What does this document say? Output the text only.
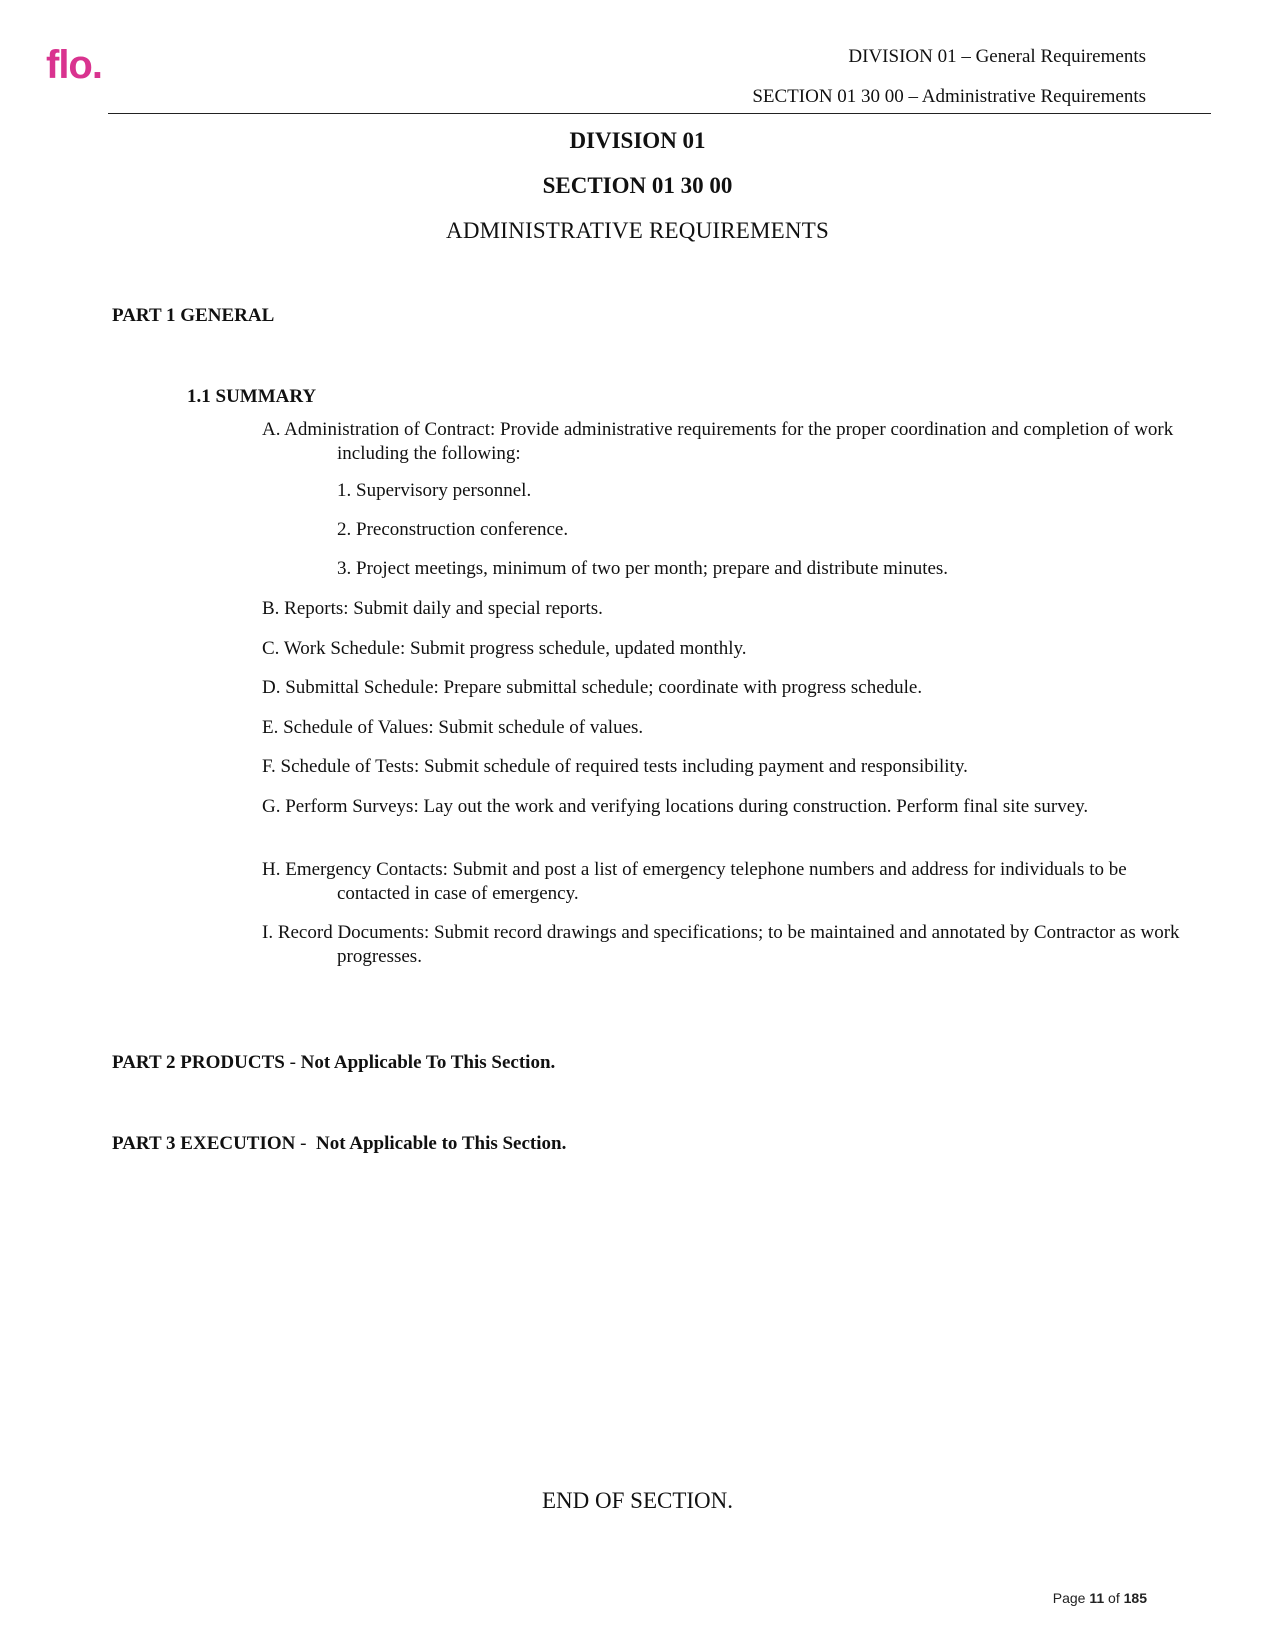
flo.	DIVISION 01 – General Requirements
SECTION 01 30 00 – Administrative Requirements
DIVISION 01
SECTION 01 30 00
ADMINISTRATIVE REQUIREMENTS
PART 1 GENERAL
1.1 SUMMARY
A. Administration of Contract: Provide administrative requirements for the proper coordination and completion of work including the following:
1. Supervisory personnel.
2. Preconstruction conference.
3. Project meetings, minimum of two per month; prepare and distribute minutes.
B. Reports: Submit daily and special reports.
C. Work Schedule: Submit progress schedule, updated monthly.
D. Submittal Schedule: Prepare submittal schedule; coordinate with progress schedule.
E. Schedule of Values: Submit schedule of values.
F. Schedule of Tests: Submit schedule of required tests including payment and responsibility.
G. Perform Surveys: Lay out the work and verifying locations during construction. Perform final site survey.
H. Emergency Contacts: Submit and post a list of emergency telephone numbers and address for individuals to be contacted in case of emergency.
I. Record Documents: Submit record drawings and specifications; to be maintained and annotated by Contractor as work progresses.
PART 2 PRODUCTS - Not Applicable To This Section.
PART 3 EXECUTION -  Not Applicable to This Section.
END OF SECTION.
Page 11 of 185
